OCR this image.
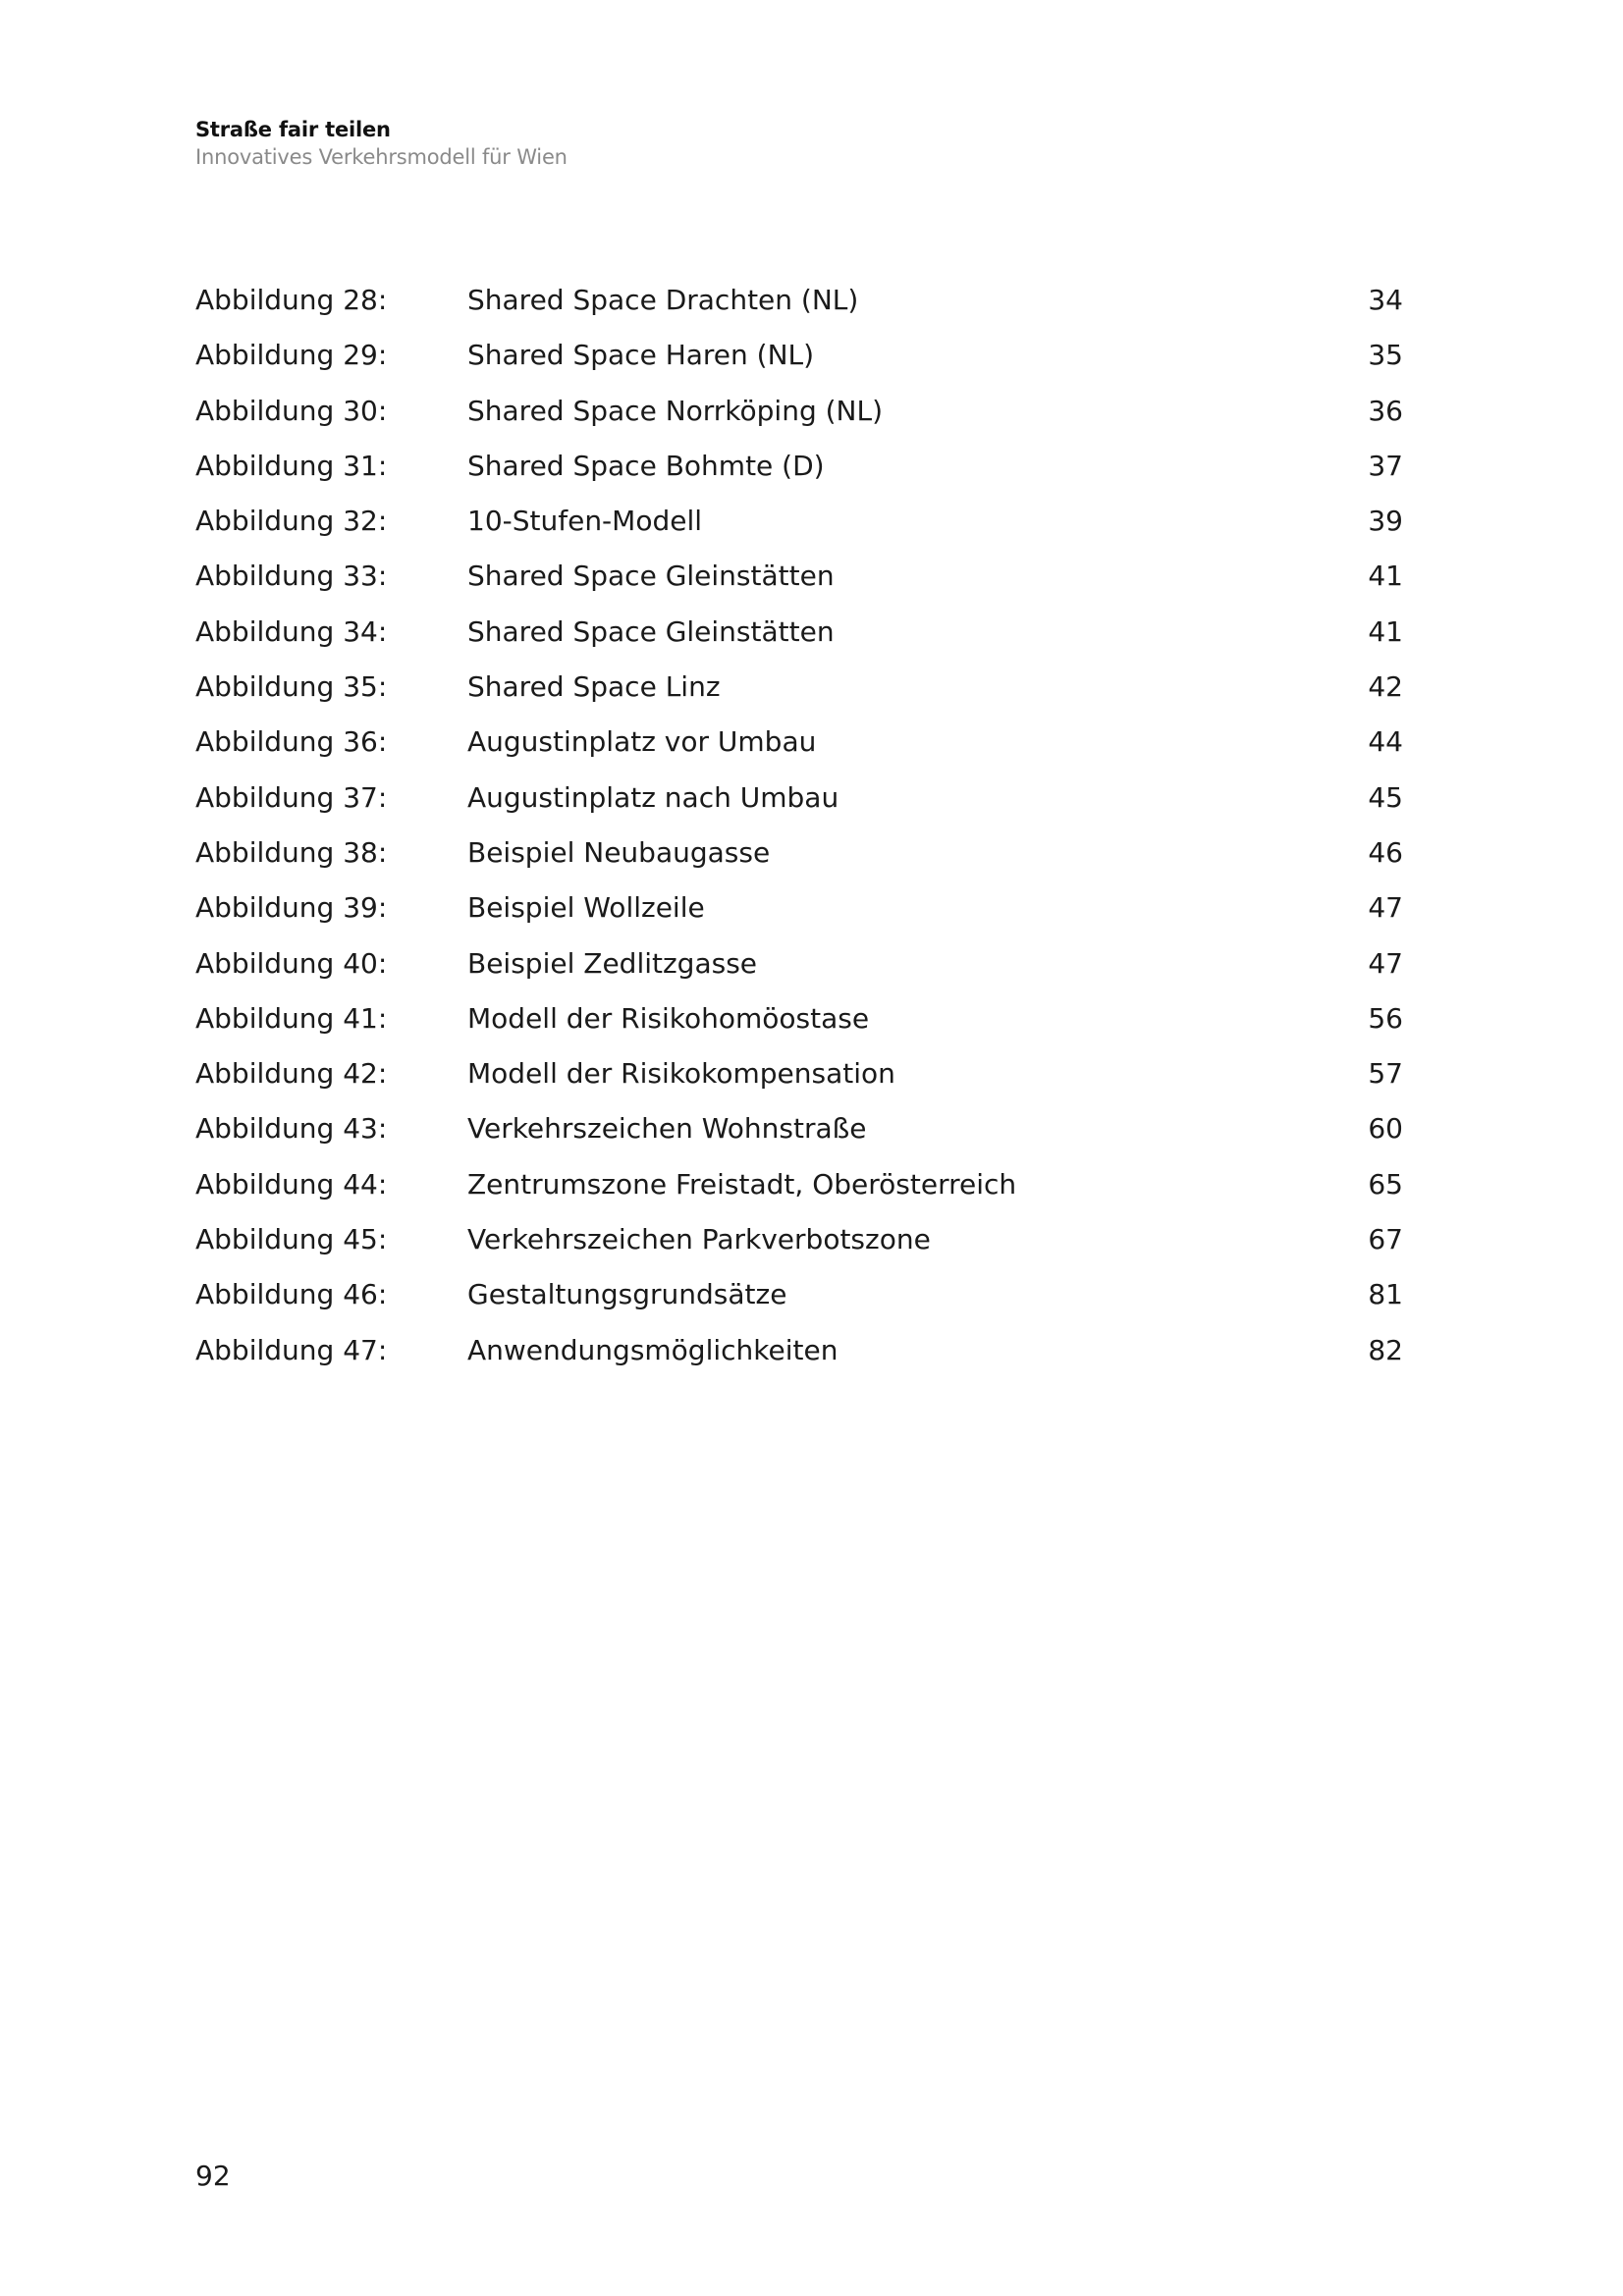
Straße fair teilen
Innovatives Verkehrsmodell für Wien
Abbildung 28:	Shared Space Drachten (NL)	34
Abbildung 29:	Shared Space Haren (NL)	35
Abbildung 30:	Shared Space Norrköping (NL)	36
Abbildung 31:	Shared Space Bohmte (D)	37
Abbildung 32:	10-Stufen-Modell	39
Abbildung 33:	Shared Space Gleinstätten	41
Abbildung 34:	Shared Space Gleinstätten	41
Abbildung 35:	Shared Space Linz	42
Abbildung 36:	Augustinplatz vor Umbau	44
Abbildung 37:	Augustinplatz nach Umbau	45
Abbildung 38:	Beispiel Neubaugasse	46
Abbildung 39:	Beispiel Wollzeile	47
Abbildung 40:	Beispiel Zedlitzgasse	47
Abbildung 41:	Modell der Risikohomöostase	56
Abbildung 42:	Modell der Risikokompensation	57
Abbildung 43:	Verkehrszeichen Wohnstraße	60
Abbildung 44:	Zentrumszone Freistadt, Oberösterreich	65
Abbildung 45:	Verkehrszeichen Parkverbotszone	67
Abbildung 46:	Gestaltungsgrundsätze	81
Abbildung 47:	Anwendungsmöglichkeiten	82
92
